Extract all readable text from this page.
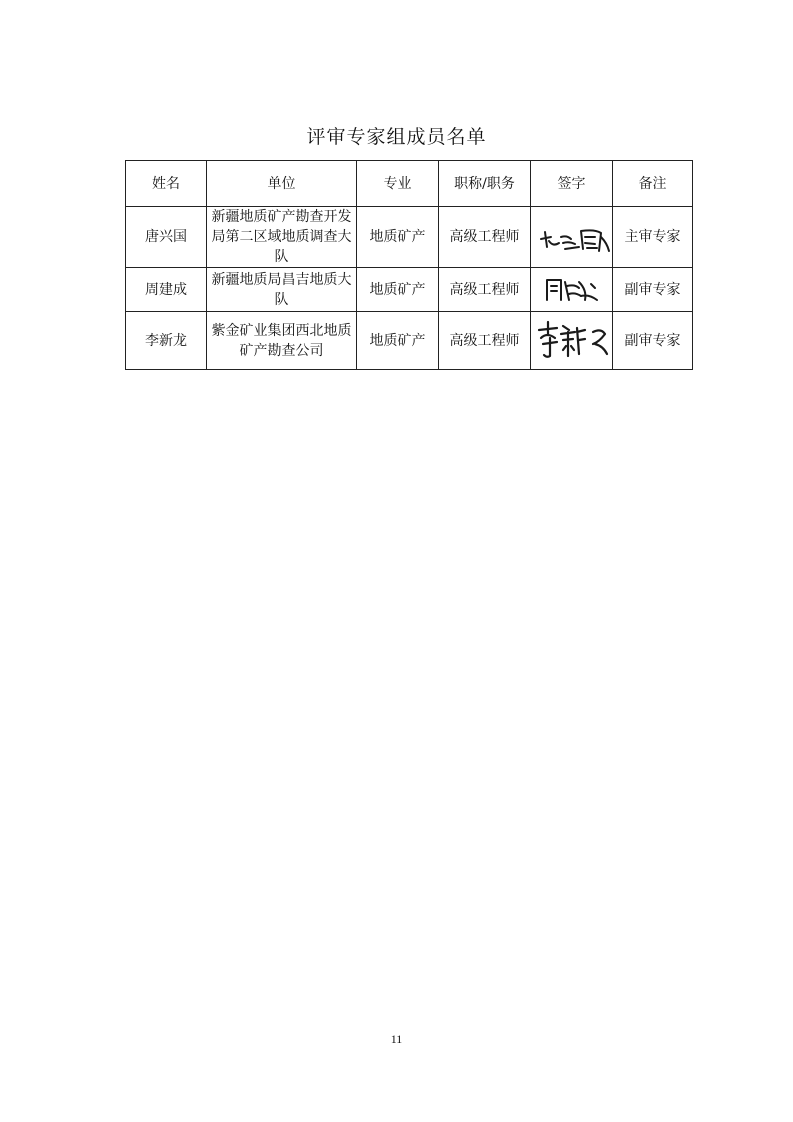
评审专家组成员名单
姓名	单位	专业	职称/职务	签字	备注
唐兴国	新疆地质矿产勘查开发局第二区域地质调查大队	地质矿产	高级工程师		主审专家
周建成	新疆地质局昌吉地质大队	地质矿产	高级工程师		副审专家
李新龙	紫金矿业集团西北地质矿产勘查公司	地质矿产	高级工程师		副审专家
11
